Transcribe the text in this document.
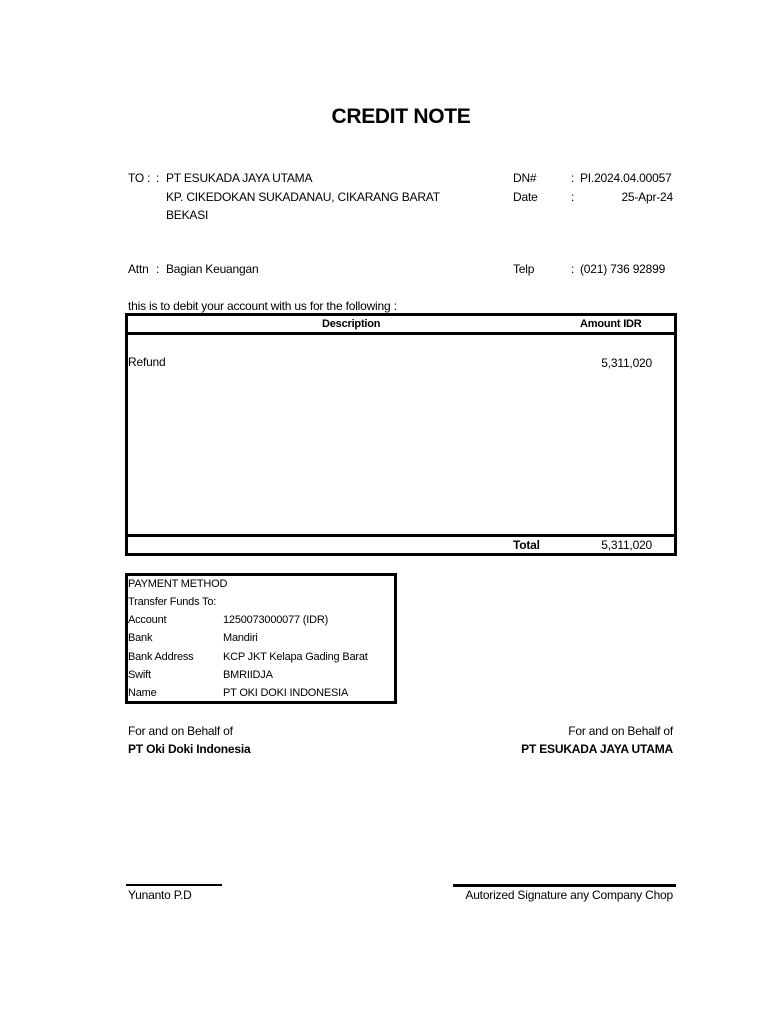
CREDIT NOTE
TO : : PT ESUKADA JAYA UTAMA
KP. CIKEDOKAN SUKADANAU, CIKARANG BARAT
BEKASI
DN#	: PI.2024.04.00057
Date	:	25-Apr-24
Attn : Bagian Keuangan	Telp	: (021) 736 92899
this is to debit your account with us for the following :
Description	Amount IDR
Refund	5,311,020
Total	5,311,020
PAYMENT METHOD
Transfer Funds To:
Account	1250073000077 (IDR)
Bank	Mandiri
Bank Address	KCP JKT Kelapa Gading Barat
Swift	BMRIIDJA
Name	PT OKI DOKI INDONESIA
For and on Behalf of
PT Oki Doki Indonesia
For and on Behalf of
PT ESUKADA JAYA UTAMA
Yunanto P.D	Autorized Signature any Company Chop
